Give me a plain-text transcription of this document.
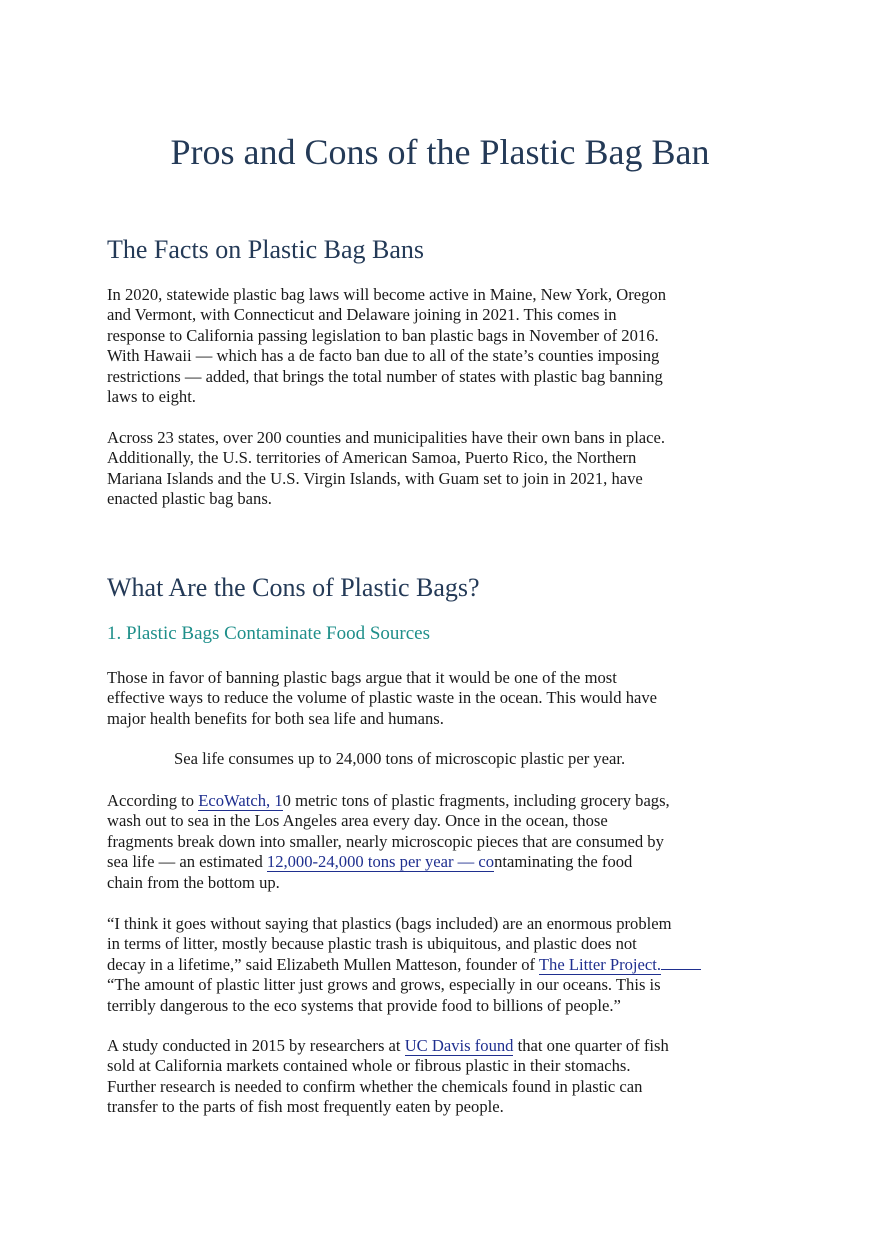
Pros and Cons of the Plastic Bag Ban
The Facts on Plastic Bag Bans

In 2020, statewide plastic bag laws will become active in Maine, New York, Oregon
and Vermont, with Connecticut and Delaware joining in 2021. This comes in
response to California passing legislation to ban plastic bags in November of 2016.
With Hawaii — which has a de facto ban due to all of the state’s counties imposing
restrictions — added, that brings the total number of states with plastic bag banning
laws to eight.

Across 23 states, over 200 counties and municipalities have their own bans in place.
Additionally, the U.S. territories of American Samoa, Puerto Rico, the Northern
Mariana Islands and the U.S. Virgin Islands, with Guam set to join in 2021, have
enacted plastic bag bans.

What Are the Cons of Plastic Bags?
1. Plastic Bags Contaminate Food Sources

Those in favor of banning plastic bags argue that it would be one of the most
effective ways to reduce the volume of plastic waste in the ocean. This would have
major health benefits for both sea life and humans.

Sea life consumes up to 24,000 tons of microscopic plastic per year.

According to EcoWatch, 10 metric tons of plastic fragments, including grocery bags,
wash out to sea in the Los Angeles area every day. Once in the ocean, those
fragments break down into smaller, nearly microscopic pieces that are consumed by
sea life — an estimated 12,000-24,000 tons per year — contaminating the food
chain from the bottom up.

“I think it goes without saying that plastics (bags included) are an enormous problem
in terms of litter, mostly because plastic trash is ubiquitous, and plastic does not
decay in a lifetime,” said Elizabeth Mullen Matteson, founder of The Litter Project.
“The amount of plastic litter just grows and grows, especially in our oceans. This is
terribly dangerous to the eco systems that provide food to billions of people.”

A study conducted in 2015 by researchers at UC Davis found that one quarter of fish
sold at California markets contained whole or fibrous plastic in their stomachs.
Further research is needed to confirm whether the chemicals found in plastic can
transfer to the parts of fish most frequently eaten by people.
